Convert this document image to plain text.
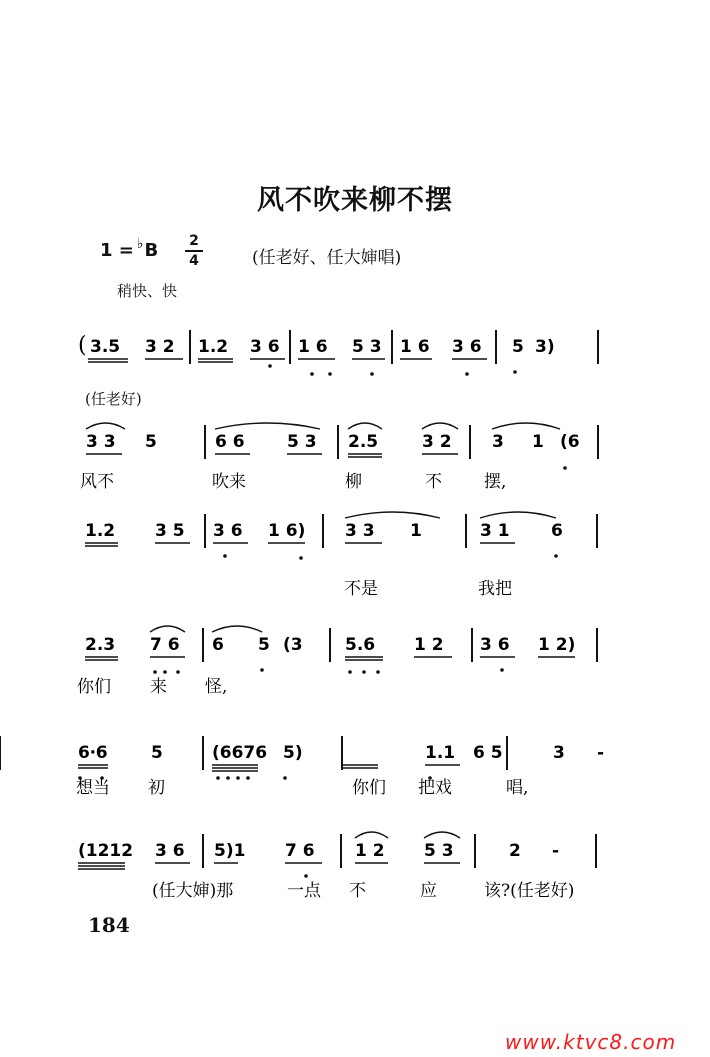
风不吹来柳不摆
1 = ♭B 2
4	(任老好、任大婶唱)
稍快、快
(任老好)
( 3.5 3 2 1.2 3 6 1 6 5 3 1 6 3 6 5 3)
3 3 5	6 6 5 3 2.5	3 2 3 1 (6
风不	吹来	柳	不 摆,
1.2 3 5 3 6 1 6) 3 3 1	3 1 6
不是	我把
2.3 7 6 6 5 (3 5.6 1 2 3 6 1 2)
你们 来 怪,
6‧6	5	(6676 5)	1.1 6 5	3 -
想当 初	你们 把戏	唱,
(1212 3 6 5)1 7 6 1 2 5 3	2 -
(任大婶)那	一点 不	应	该?(任老好)
184
www.ktvc8.com
